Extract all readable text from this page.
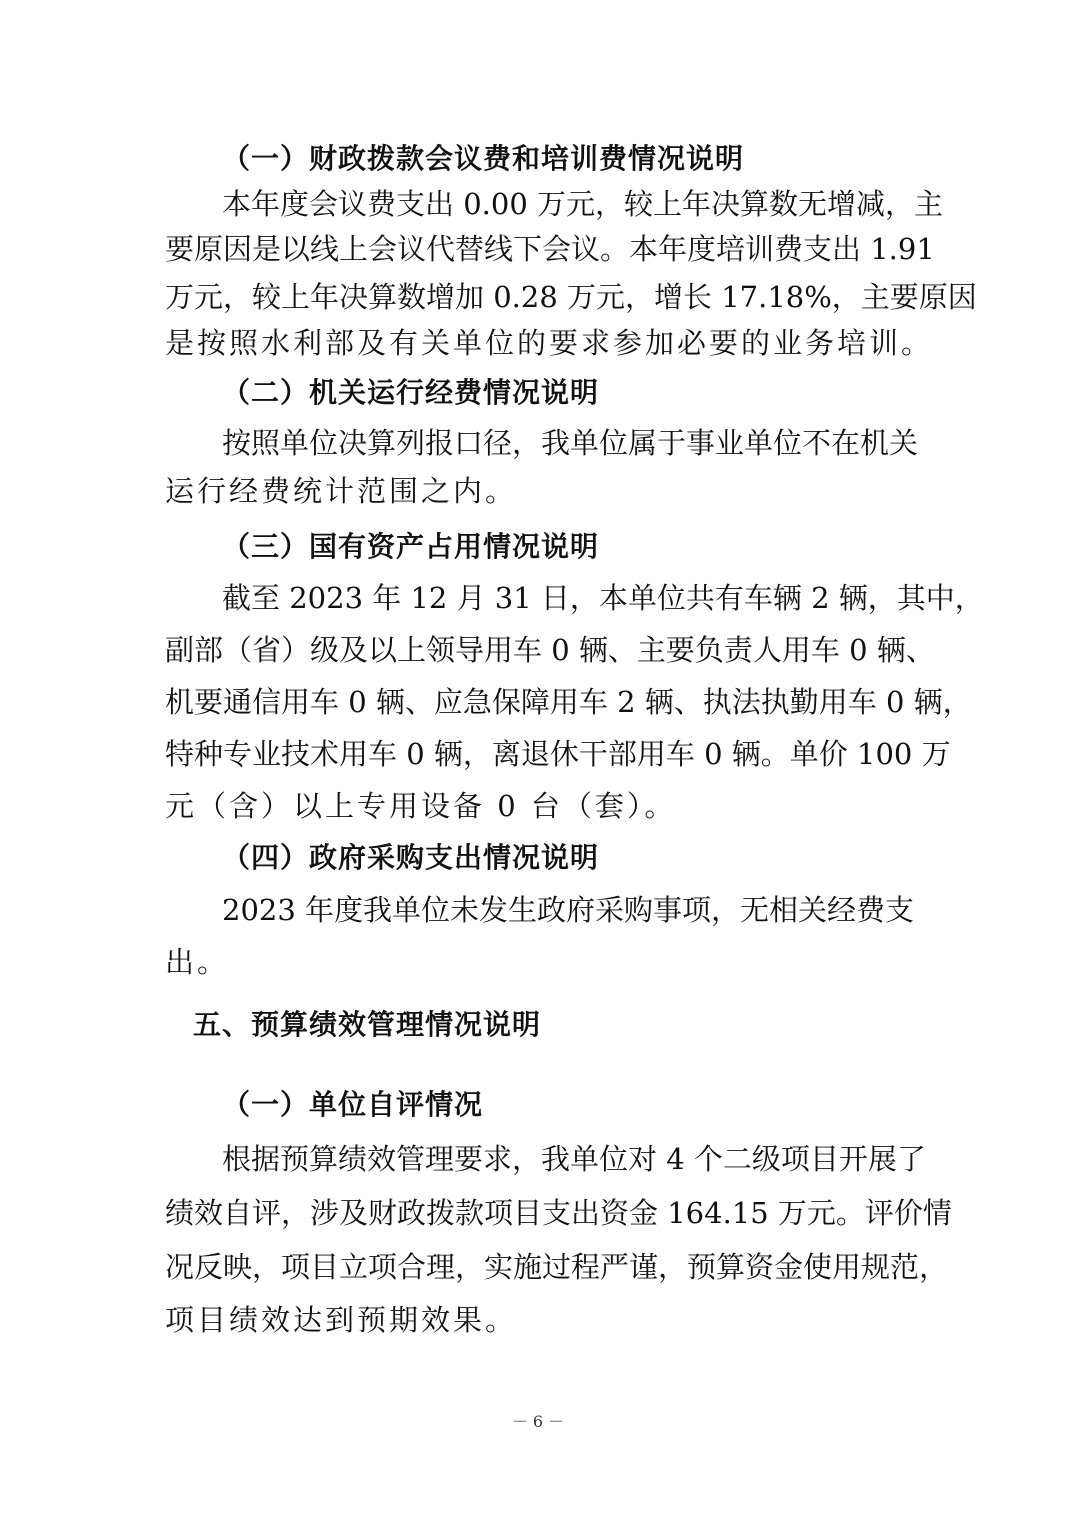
（一）财政拨款会议费和培训费情况说明
本年度会议费支出 0.00 万元，较上年决算数无增减，主
要原因是以线上会议代替线下会议。本年度培训费支出 1.91
万元，较上年决算数增加 0.28 万元，增长 17.18%，主要原因
是按照水利部及有关单位的要求参加必要的业务培训。
（二）机关运行经费情况说明
按照单位决算列报口径，我单位属于事业单位不在机关
运行经费统计范围之内。
（三）国有资产占用情况说明
截至 2023 年 12 月 31 日，本单位共有车辆 2 辆，其中，
副部（省）级及以上领导用车 0 辆、主要负责人用车 0 辆、
机要通信用车 0 辆、应急保障用车 2 辆、执法执勤用车 0 辆，
特种专业技术用车 0 辆，离退休干部用车 0 辆。单价 100 万
元（含）以上专用设备 0 台（套）。
（四）政府采购支出情况说明
2023 年度我单位未发生政府采购事项，无相关经费支
出。
五、预算绩效管理情况说明
（一）单位自评情况
根据预算绩效管理要求，我单位对 4 个二级项目开展了
绩效自评，涉及财政拨款项目支出资金 164.15 万元。评价情
况反映，项目立项合理，实施过程严谨，预算资金使用规范，
项目绩效达到预期效果。
－ 6 －
